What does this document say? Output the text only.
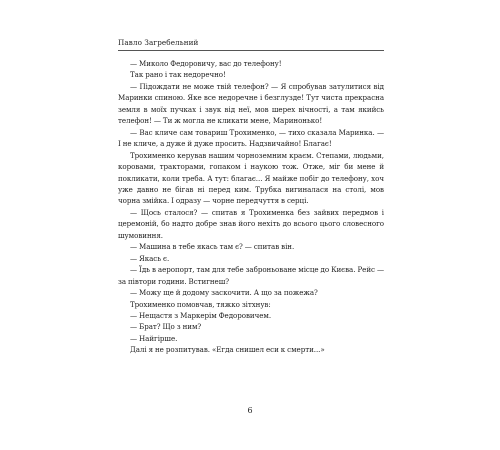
Павло Загребельний

— Миколо Федоровичу, вас до телефону!

Так рано і так недоречно!

— Підождати не може твій телефон? — Я спробував затулитися від Маринки спиною. Яке все недоречне і безглузде! Тут чиста прекрасна земля в моїх пучках і звук від неї, мов шерех вічності, а там якийсь телефон! — Ти ж могла не кликати мене, Маринонько!

— Вас кличе сам товариш Трохименко, — тихо сказала Маринка. — І не кличе, а дуже й дуже просить. Надзвичайно! Благає!

Трохименко керував нашим чорноземним краєм. Степами, людьми, коровами, тракторами, гопаком і наукою тож. Отже, міг би мене й покликати, коли треба. А тут: благає... Я майже побіг до телефону, хоч уже давно не бігав ні перед ким. Трубка вигиналася на столі, мов чорна змійка. І одразу — чорне передчуття в серці.

— Щось сталося? — спитав я Трохименка без зайвих передмов і церемоній, бо надто добре знав його нехіть до всього цього словесного шумовиння.

— Машина в тебе якась там є? — спитав він.

— Якась є.

— Їдь в аеропорт, там для тебе заброньоване місце до Києва. Рейс — за півтори години. Встигнеш?

— Можу ще й додому заскочити. А що за пожежа?

Трохименко помовчав, тяжко зітхнув:

— Нещастя з Маркерім Федоровичем.

— Брат? Що з ним?

— Найгірше.

Далі я не розпитував. «Егда снишел еси к смерти...»

6
